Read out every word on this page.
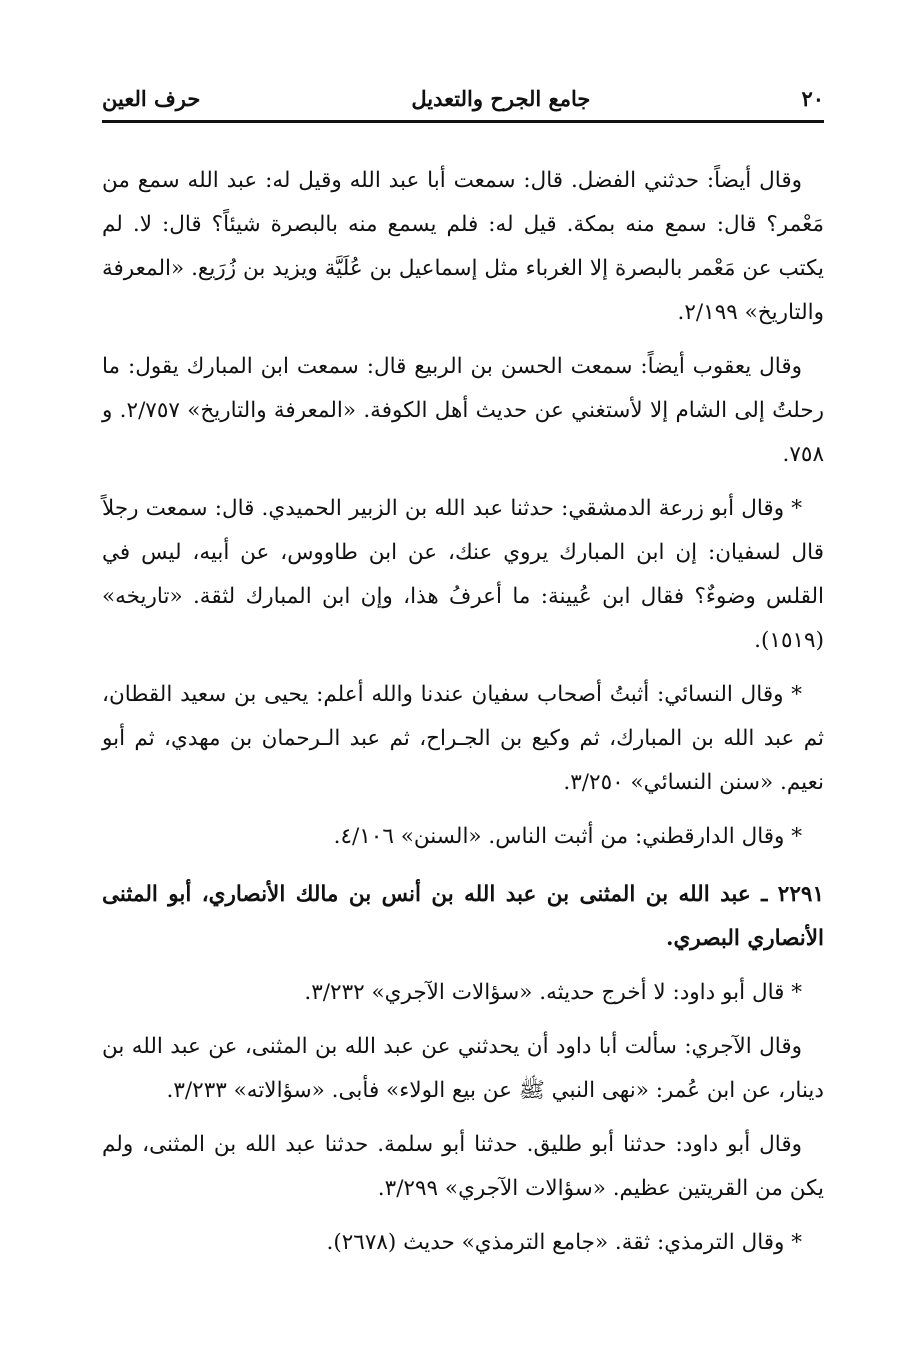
٢٠
جامع الجرح والتعديل
حرف العين

وقال أيضاً: حدثني الفضل. قال: سمعت أبا عبد الله وقيل له: عبد الله سمع من مَعْمر؟ قال: سمع منه بمكة. قيل له: فلم يسمع منه بالبصرة شيئاً؟ قال: لا. لم يكتب عن مَعْمر بالبصرة إلا الغرباء مثل إسماعيل بن عُلَيَّة ويزيد بن زُرَيع. «المعرفة والتاريخ» ٢/١٩٩.

وقال يعقوب أيضاً: سمعت الحسن بن الربيع قال: سمعت ابن المبارك يقول: ما رحلتُ إلى الشام إلا لأستغني عن حديث أهل الكوفة. «المعرفة والتاريخ» ٢/٧٥٧. و ٧٥٨.

* وقال أبو زرعة الدمشقي: حدثنا عبد الله بن الزبير الحميدي. قال: سمعت رجلاً قال لسفيان: إن ابن المبارك يروي عنك، عن ابن طاووس، عن أبيه، ليس في القلس وضوءٌ؟ فقال ابن عُيينة: ما أعرفُ هذا، وإن ابن المبارك لثقة. «تاريخه» (١٥١٩).

* وقال النسائي: أثبتُ أصحاب سفيان عندنا والله أعلم: يحيى بن سعيد القطان، ثم عبد الله بن المبارك، ثم وكيع بن الجـراح، ثم عبد الـرحمان بن مهدي، ثم أبو نعيم. «سنن النسائي» ٣/٢٥٠.

* وقال الدارقطني: من أثبت الناس. «السنن» ٤/١٠٦.

٢٢٩١ ـ عبد الله بن المثنى بن عبد الله بن أنس بن مالك الأنصاري، أبو المثنى الأنصاري البصري.

* قال أبو داود: لا أخرج حديثه. «سؤالات الآجري» ٣/٢٣٢.

وقال الآجري: سألت أبا داود أن يحدثني عن عبد الله بن المثنى، عن عبد الله بن دينار، عن ابن عُمر: «نهى النبي ﷺ عن بيع الولاء» فأبى. «سؤالاته» ٣/٢٣٣.

وقال أبو داود: حدثنا أبو طليق. حدثنا أبو سلمة. حدثنا عبد الله بن المثنى، ولم يكن من القريتين عظيم. «سؤالات الآجري» ٣/٢٩٩.

* وقال الترمذي: ثقة. «جامع الترمذي» حديث (٢٦٧٨).
